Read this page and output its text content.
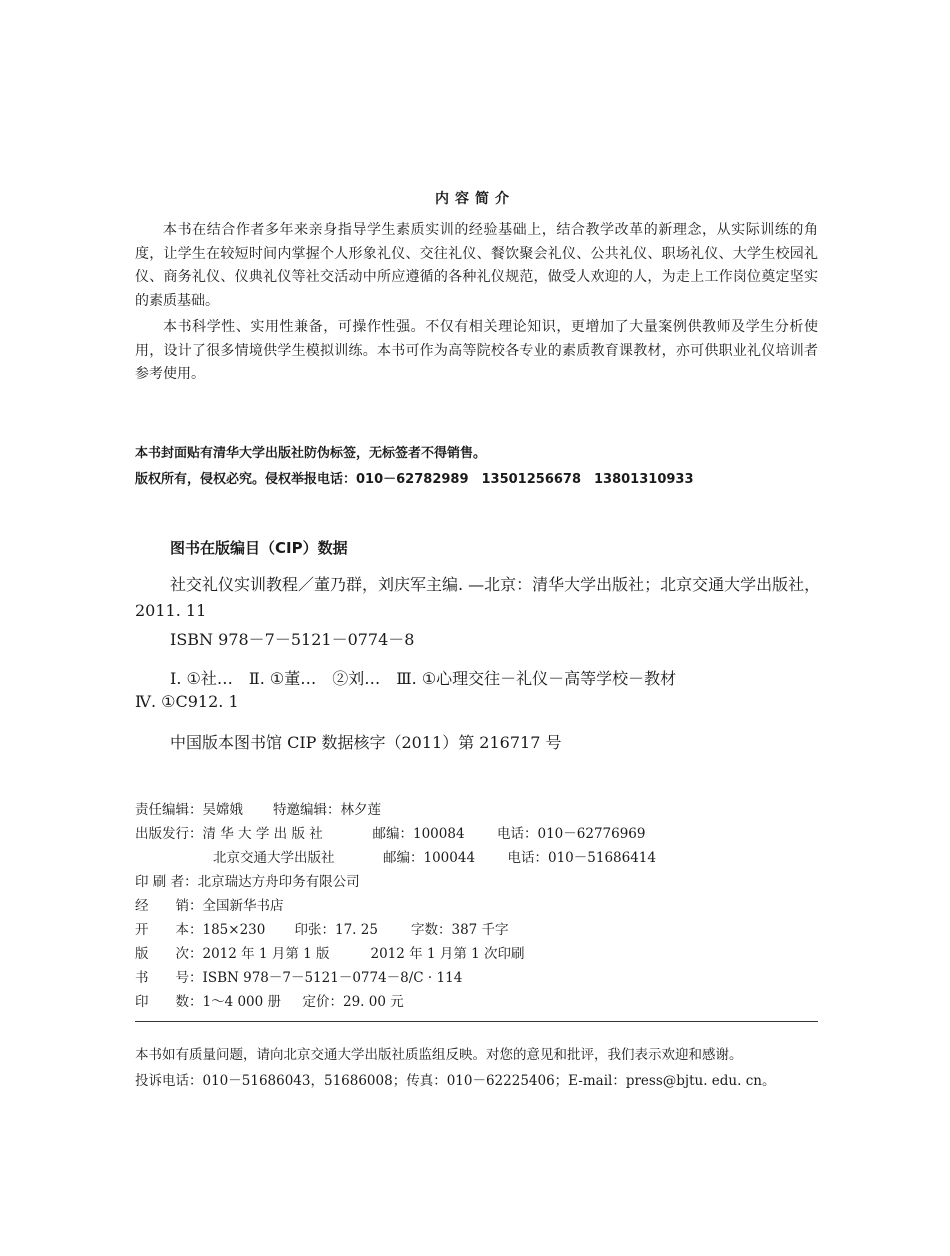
内容简介
本书在结合作者多年来亲身指导学生素质实训的经验基础上，结合教学改革的新理念，从实际训练的角度，让学生在较短时间内掌握个人形象礼仪、交往礼仪、餐饮聚会礼仪、公共礼仪、职场礼仪、大学生校园礼仪、商务礼仪、仪典礼仪等社交活动中所应遵循的各种礼仪规范，做受人欢迎的人，为走上工作岗位奠定坚实的素质基础。
本书科学性、实用性兼备，可操作性强。不仅有相关理论知识，更增加了大量案例供教师及学生分析使用，设计了很多情境供学生模拟训练。本书可作为高等院校各专业的素质教育课教材，亦可供职业礼仪培训者参考使用。
本书封面贴有清华大学出版社防伪标签，无标签者不得销售。
版权所有，侵权必究。侵权举报电话：010－62782989　13501256678　13801310933
图书在版编目（CIP）数据
社交礼仪实训教程／董乃群，刘庆军主编. —北京：清华大学出版社；北京交通大学出版社，2011. 11
ISBN 978－7－5121－0774－8
Ⅰ. ①社…　Ⅱ. ①董…　②刘…　Ⅲ. ①心理交往－礼仪－高等学校－教材
Ⅳ. ①C912. 1
中国版本图书馆 CIP 数据核字（2011）第 216717 号
责任编辑：吴嫦娥 特邀编辑：林夕莲
出版发行：清 华 大 学 出 版 社	邮编：100084 电话：010－62776969
北京交通大学出版社	邮编：100044 电话：010－51686414
印 刷 者：北京瑞达方舟印务有限公司
经　　销：全国新华书店
开　　本：185×230 印张：17. 25 字数：387 千字
版　　次：2012 年 1 月第 1 版	2012 年 1 月第 1 次印刷
书　　号：ISBN 978－7－5121－0774－8/C · 114
印　　数：1～4 000 册 定价：29. 00 元
本书如有质量问题，请向北京交通大学出版社质监组反映。对您的意见和批评，我们表示欢迎和感谢。
投诉电话：010－51686043，51686008；传真：010－62225406；E-mail：press@bjtu. edu. cn。
